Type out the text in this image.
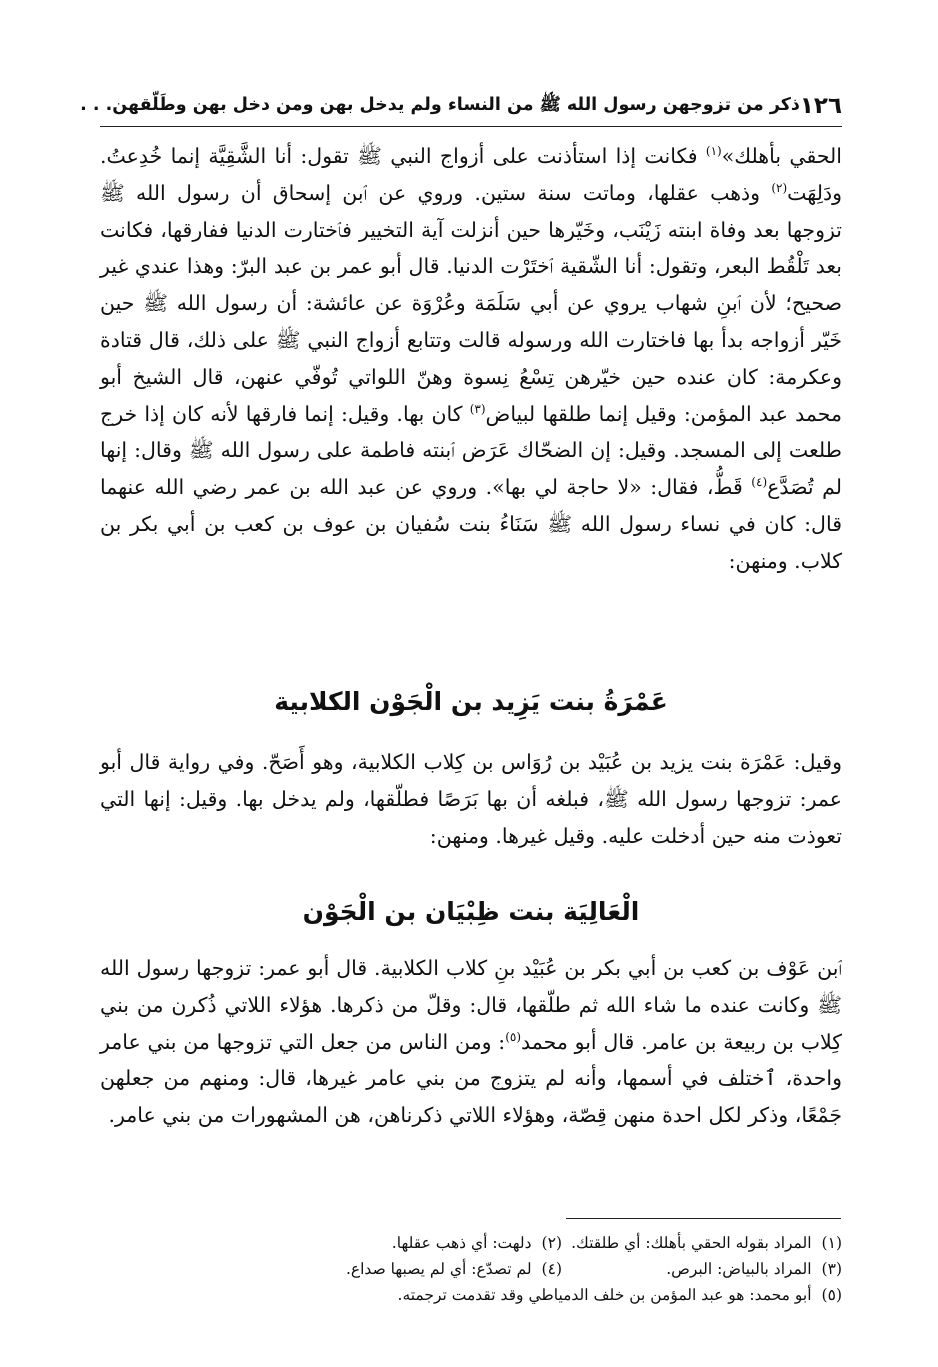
١٢٦
ذكر من تزوجهن رسول الله ﷺ من النساء ولم يدخل بهن ومن دخل بهن وطَلّقهن. . .

الحقي بأهلك»$^{(١)}$ فكانت إذا استأذنت على أزواج النبي ﷺ تقول: أنا الشَّقِيَّة إنما خُدِعتُ. ودَلِهَت$^{(٢)}$ وذهب عقلها، وماتت سنة ستين. وروي عن ٱبن إسحاق أن رسول الله ﷺ تزوجها بعد وفاة ابنته زَيْنَب، وخَيّرها حين أنزلت آية التخيير فٱختارت الدنيا ففارقها، فكانت بعد تَلْقُط البعر، وتقول: أنا الشّقية ٱختَرْت الدنيا. قال أبو عمر بن عبد البرّ: وهذا عندي غير صحيح؛ لأن ٱبنِ شهاب يروي عن أبي سَلَمَة وعُرْوَة عن عائشة: أن رسول الله ﷺ حين خَيّر أزواجه بدأ بها فاختارت الله ورسوله قالت وتتابع أزواج النبي ﷺ على ذلك، قال قتادة وعكرمة: كان عنده حين خيّرهن تِسْعُ نِسوة وهنّ اللواتي تُوفّي عنهن، قال الشيخ أبو محمد عبد المؤمن: وقيل إنما طلقها لبياض$^{(٣)}$ كان بها. وقيل: إنما فارقها لأنه كان إذا خرج طلعت إلى المسجد. وقيل: إن الضحّاك عَرَض ٱبنته فاطمة على رسول الله ﷺ وقال: إنها لم تُصَدَّع$^{(٤)}$ قَطُّ، فقال: «لا حاجة لي بها». وروي عن عبد الله بن عمر رضي الله عنهما قال: كان في نساء رسول الله ﷺ سَنَاءُ بنت سُفيان بن عوف بن كعب بن أبي بكر بن كلاب. ومنهن:

عَمْرَةُ بنت يَزِيد بن الْجَوْن الكلابية

وقيل: عَمْرَة بنت يزيد بن عُبَيْد بن رُوَاس بن كِلاب الكلابية، وهو أَصَحّ. وفي رواية قال أبو عمر: تزوجها رسول الله ﷺ، فبلغه أن بها بَرَصًا فطلّقها، ولم يدخل بها. وقيل: إنها التي تعوذت منه حين أدخلت عليه. وقيل غيرها. ومنهن:

الْعَالِيَة بنت ظِبْيَان بن الْجَوْن

ٱبن عَوْف بن كعب بن أبي بكر بن عُبَيْد بنِ كلاب الكلابية. قال أبو عمر: تزوجها رسول الله ﷺ وكانت عنده ما شاء الله ثم طلّقها، قال: وقلّ من ذكرها. هؤلاء اللاتي ذُكرن من بني كِلاب بن ربيعة بن عامر. قال أبو محمد$^{(٥)}$: ومن الناس من جعل التي تزوجها من بني عامر واحدة، ٱختلف في أسمها، وأنه لم يتزوج من بني عامر غيرها، قال: ومنهم من جعلهن جَمْعًا، وذكر لكل احدة منهن قِصّة، وهؤلاء اللاتي ذكرناهن، هن المشهورات من بني عامر.

(١)
المراد بقوله الحقي بأهلك: أي طلقتك.
(٢)
دلهت: أي ذهب عقلها.
(٣)
المراد بالبياض: البرص.
(٤)
لم تصدّع: أي لم يصبها صداع.
(٥)
أبو محمد: هو عبد المؤمن بن خلف الدمياطي وقد تقدمت ترجمته.
